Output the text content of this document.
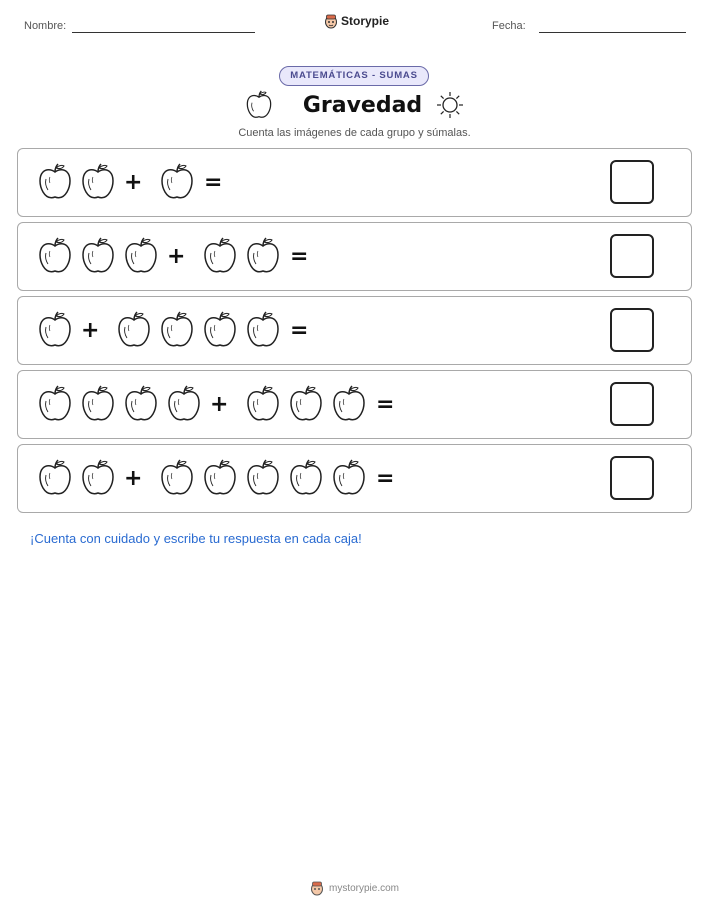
Nombre:	Storypie	Fecha:
MATEMÁTICAS - SUMAS
Gravedad
Cuenta las imágenes de cada grupo y súmalas.
+	=
+	=
+	=
+	=
+	=
¡Cuenta con cuidado y escribe tu respuesta en cada caja!
mystorypie.com
